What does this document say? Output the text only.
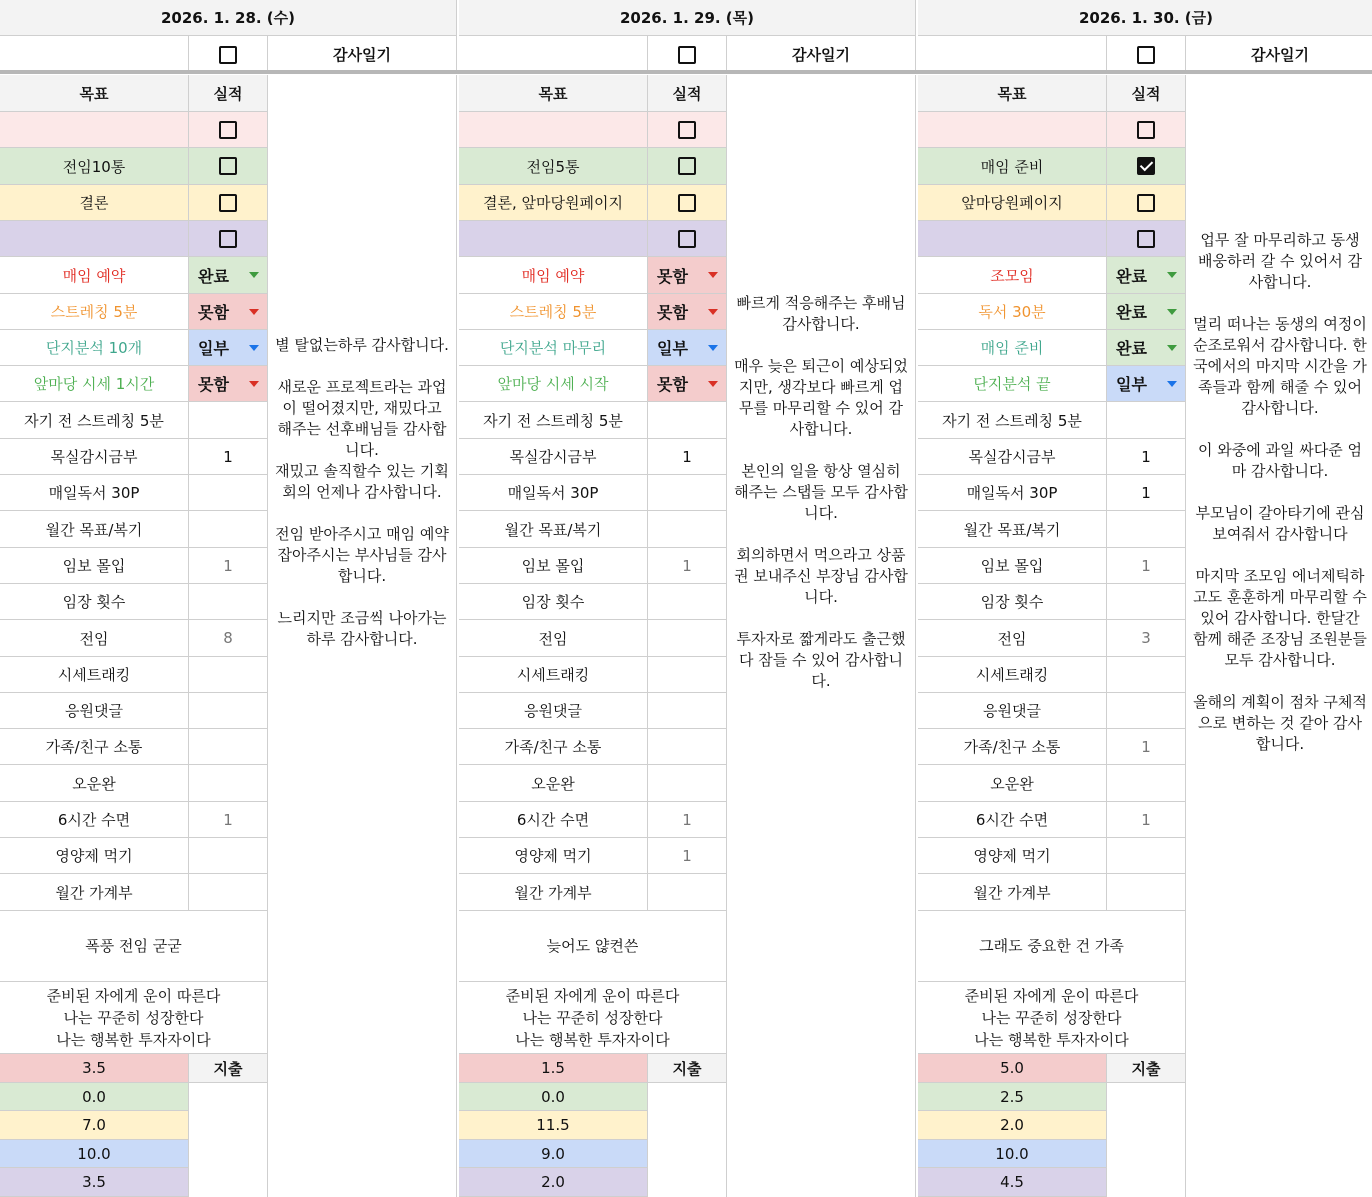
2026. 1. 28. (수)
감사일기
목표	실적
전임10통
결론
매임 예약	완료
스트레칭 5분	못함
단지분석 10개	일부
앞마당 시세 1시간	못함
자기 전 스트레칭 5분
목실감시금부	1
매일독서 30P
월간 목표/복기
임보 몰입	1
임장 횟수
전임	8
시세트래킹
응원댓글
가족/친구 소통
오운완
6시간 수면	1
영양제 먹기
월간 가계부
별 탈없는하루 감사합니다.

새로운 프로젝트라는 과업이 떨어졌지만, 재밌다고 해주는 선후배님들 감사합니다.
재밌고 솔직할수 있는 기획회의 언제나 감사합니다.

전임 받아주시고 매임 예약 잡아주시는 부사님들 감사합니다.

느리지만 조금씩 나아가는 하루 감사합니다.
폭풍 전임 굳굳
준비된 자에게 운이 따른다
나는 꾸준히 성장한다
나는 행복한 투자자이다
3.5	지출
0.0
7.0
10.0
3.5
2026. 1. 29. (목)
감사일기
목표	실적
전임5통
결론, 앞마당원페이지
매임 예약	못함
스트레칭 5분	못함
단지분석 마무리	일부
앞마당 시세 시작	못함
자기 전 스트레칭 5분
목실감시금부	1
매일독서 30P
월간 목표/복기
임보 몰입	1
임장 횟수
전임
시세트래킹
응원댓글
가족/친구 소통
오운완
6시간 수면	1
영양제 먹기	1
월간 가계부
빠르게 적응해주는 후배님 감사합니다.

매우 늦은 퇴근이 예상되었지만, 생각보다 빠르게 업무를 마무리할 수 있어 감사합니다.

본인의 일을 항상 열심히 해주는 스탭들 모두 감사합니다.

회의하면서 먹으라고 상품권 보내주신 부장님 감사합니다.

투자자로 짧게라도 출근했다 잠들 수 있어 감사합니다.
늦어도 얂켠쓴
준비된 자에게 운이 따른다
나는 꾸준히 성장한다
나는 행복한 투자자이다
1.5	지출
0.0
11.5
9.0
2.0
2026. 1. 30. (금)
감사일기
목표	실적
매임 준비
앞마당원페이지
조모임	완료
독서 30분	완료
매임 준비	완료
단지분석 끝	일부
자기 전 스트레칭 5분
목실감시금부	1
매일독서 30P	1
월간 목표/복기
임보 몰입	1
임장 횟수
전임	3
시세트래킹
응원댓글
가족/친구 소통	1
오운완
6시간 수면	1
영양제 먹기
월간 가계부
업무 잘 마무리하고 동생 배웅하러 갈 수 있어서 감사합니다.

멀리 떠나는 동생의 여정이 순조로워서 감사합니다. 한국에서의 마지막 시간을 가족들과 함께 해줄 수 있어 감사합니다.

이 와중에 과일 싸다준 엄마 감사합니다.

부모님이 갈아타기에 관심 보여줘서 감사합니다

마지막 조모임 에너제틱하고도 훈훈하게 마무리할 수 있어 감사합니다. 한달간 함께 해준 조장님 조원분들 모두 감사합니다.

올해의 계획이 점차 구체적으로 변하는 것 같아 감사합니다.
그래도 중요한 건 가족
준비된 자에게 운이 따른다
나는 꾸준히 성장한다
나는 행복한 투자자이다
5.0	지출
2.5
2.0
10.0
4.5
